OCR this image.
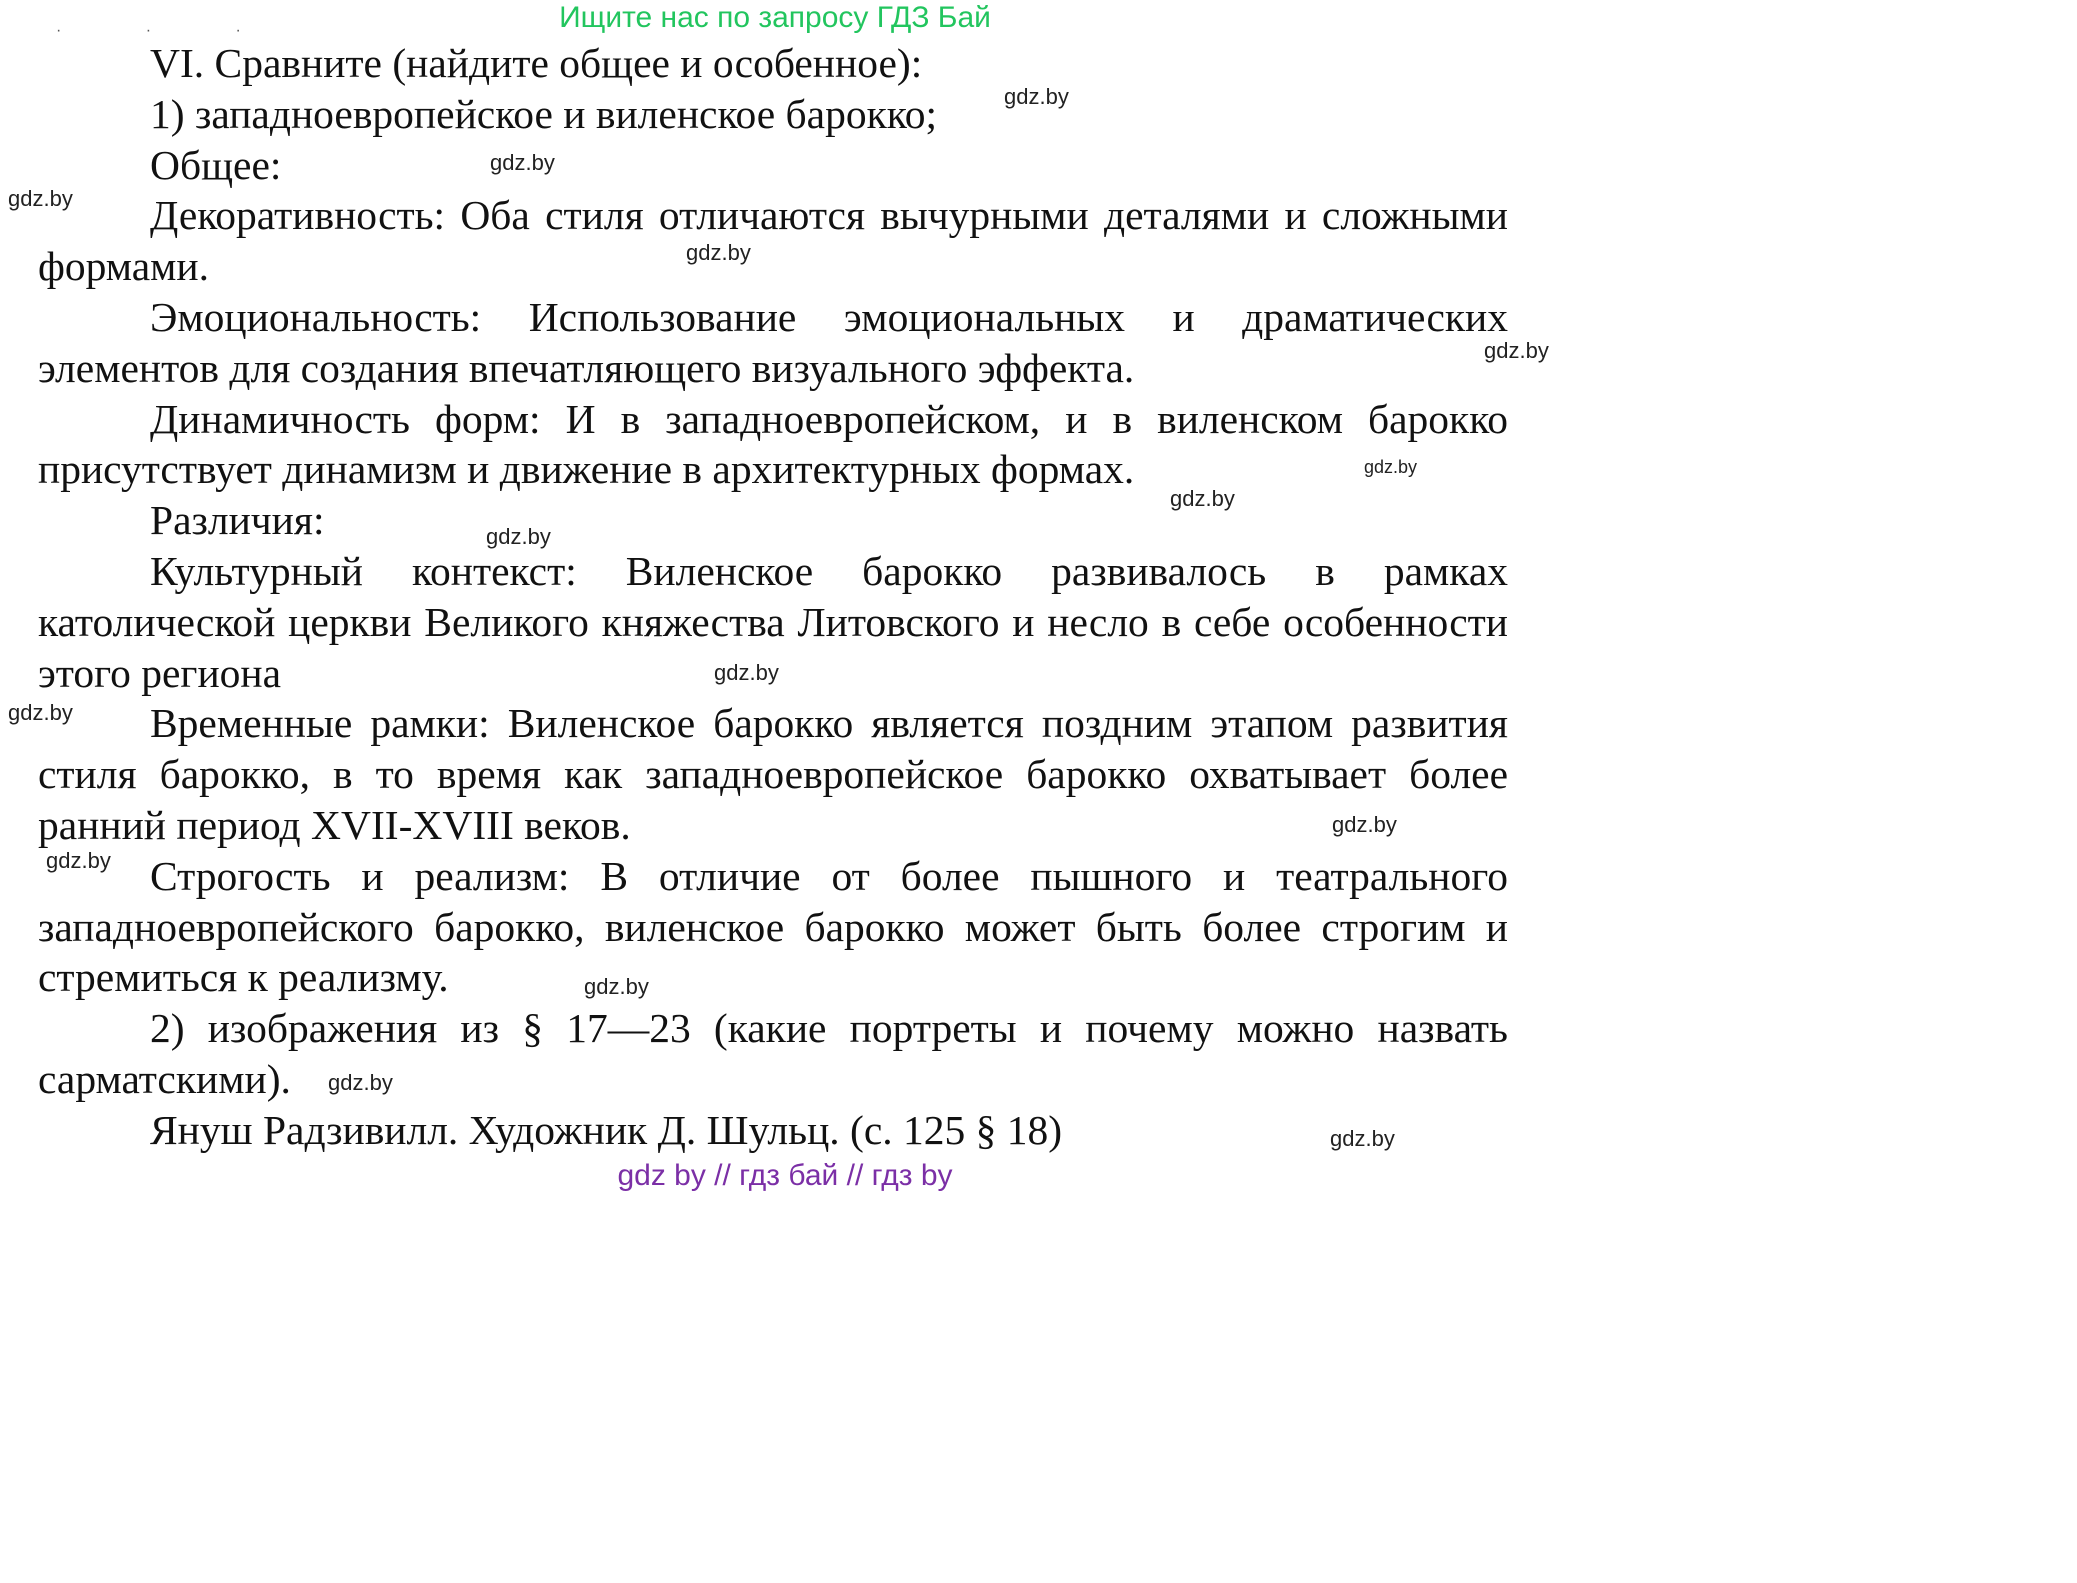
Ищите нас по запросу ГДЗ Бай
· · ·

VI. Сравните (найдите общее и особенное):

1) западноевропейское и виленское барокко;

Общее:

Декоративность: Оба стиля отличаются вычурными деталями и сложными формами.

Эмоциональность: Использование эмоциональных и драматических элементов для создания впечатляющего визуального эффекта.

Динамичность форм: И в западноевропейском, и в виленском барокко присутствует динамизм и движение в архитектурных формах.

Различия:

Культурный контекст: Виленское барокко развивалось в рамках католической церкви Великого княжества Литовского и несло в себе особенности этого региона

Временные рамки: Виленское барокко является поздним этапом развития стиля барокко, в то время как западноевропейское барокко охватывает более ранний период XVII-XVIII веков.

Строгость и реализм: В отличие от более пышного и театрального западноевропейского барокко, виленское барокко может быть более строгим и стремиться к реализму.

2) изображения из § 17—23 (какие портреты и почему можно назвать сарматскими).

Януш Радзивилл. Художник Д. Шульц. (с. 125 § 18)

gdz.by
gdz.by
gdz.by
gdz.by
gdz.by
gdz.by
gdz.by
gdz.by
gdz.by
gdz.by
gdz.by
gdz.by
gdz.by
gdz.by
gdz.by
gdz by // гдз бай // гдз by
